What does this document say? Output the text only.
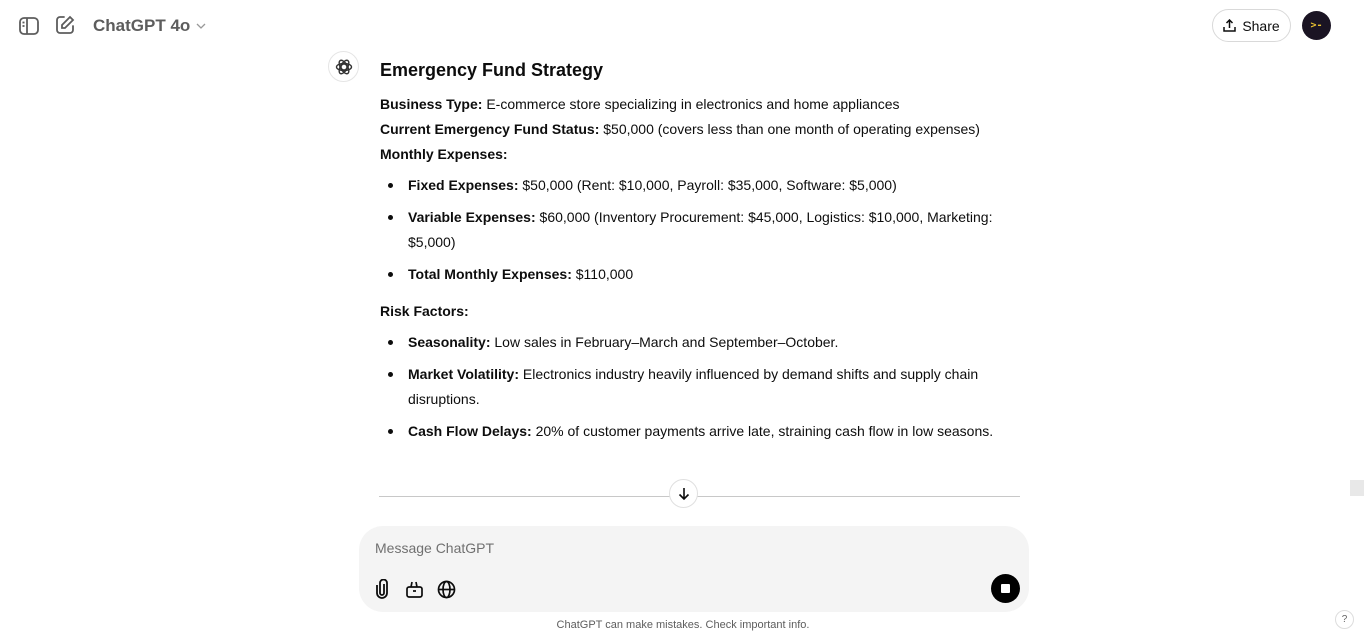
ChatGPT 4o	Share	>-
Emergency Fund Strategy
Business Type: E-commerce store specializing in electronics and home appliances
Current Emergency Fund Status: $50,000 (covers less than one month of operating expenses)
Monthly Expenses:
Fixed Expenses: $50,000 (Rent: $10,000, Payroll: $35,000, Software: $5,000)
Variable Expenses: $60,000 (Inventory Procurement: $45,000, Logistics: $10,000, Marketing: $5,000)
Total Monthly Expenses: $110,000
Risk Factors:
Seasonality: Low sales in February–March and September–October.
Market Volatility: Electronics industry heavily influenced by demand shifts and supply chain disruptions.
Cash Flow Delays: 20% of customer payments arrive late, straining cash flow in low seasons.
Message ChatGPT
ChatGPT can make mistakes. Check important info.	?
